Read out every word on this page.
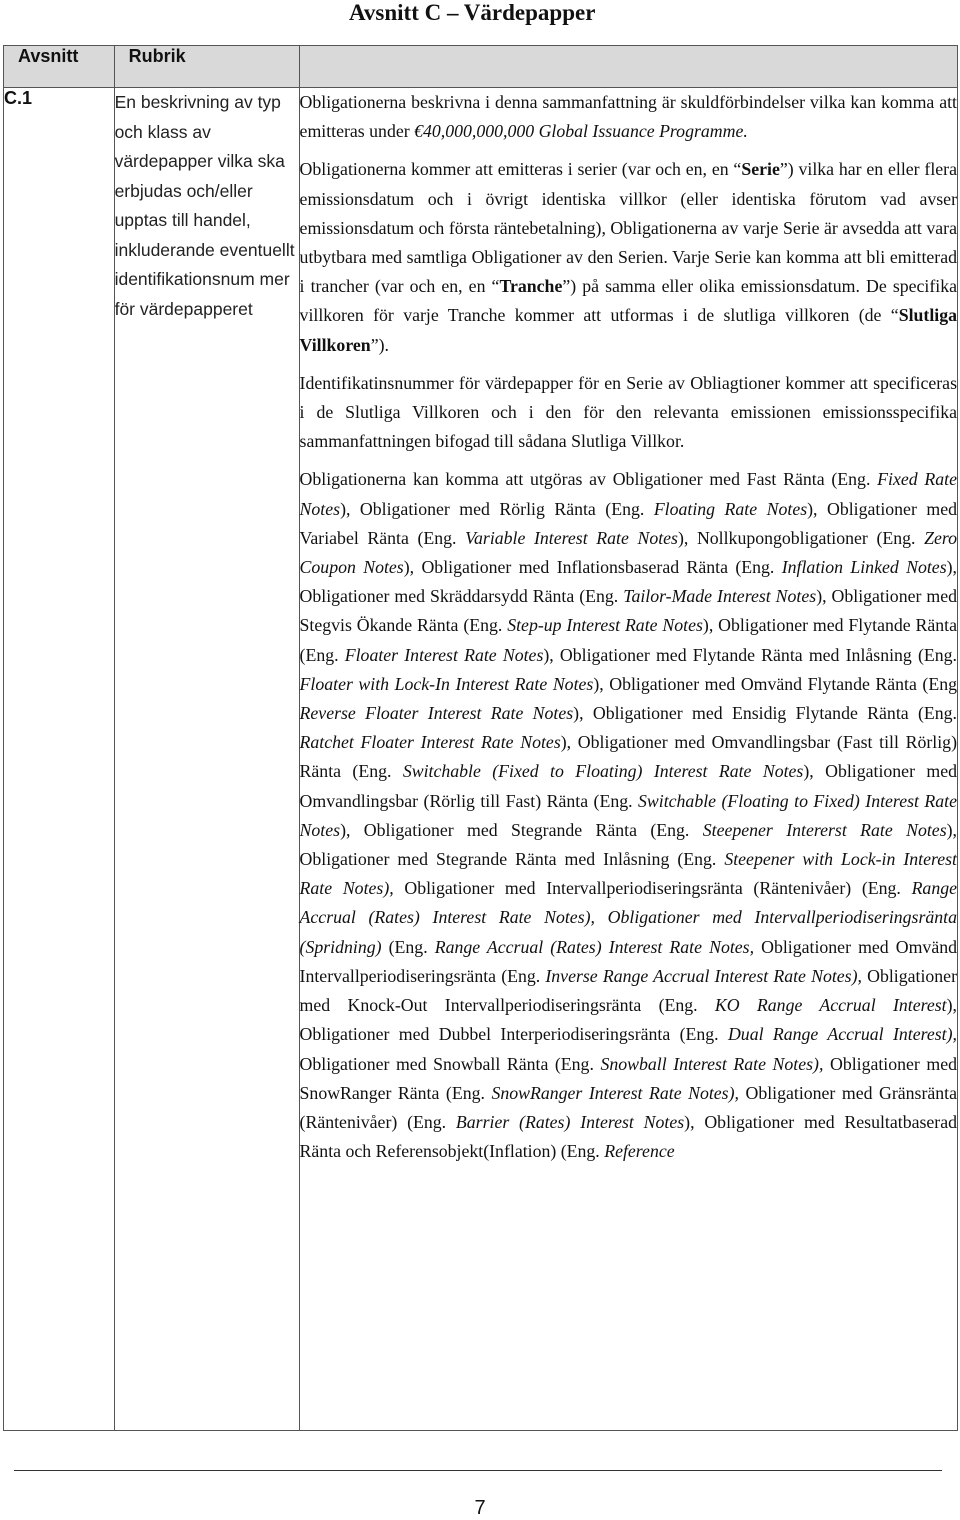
Avsnitt C – Värdepapper
Avsnitt	Rubrik	
C.1	En beskrivning av typ och klass av värdepapper vilka ska erbjudas och/eller upptas till handel, inkluderande eventuellt identifikationsnum mer för värdepapperet	Obligationerna beskrivna i denna sammanfattning är skuldförbindelser vilka kan komma att emitteras under €40,000,000,000 Global Issuance Programme.

Obligationerna kommer att emitteras i serier (var och en, en “Serie”) vilka har en eller flera emissionsdatum och i övrigt identiska villkor (eller identiska förutom vad avser emissionsdatum och första räntebetalning), Obligationerna av varje Serie är avsedda att vara utbytbara med samtliga Obligationer av den Serien. Varje Serie kan komma att bli emitterad i trancher (var och en, en “Tranche”) på samma eller olika emissionsdatum. De specifika villkoren för varje Tranche kommer att utformas i de slutliga villkoren (de “Slutliga Villkoren”).

Identifikatinsnummer för värdepapper för en Serie av Obliagtioner kommer att specificeras i de Slutliga Villkoren och i den för den relevanta emissionen emissionsspecifika sammanfattningen bifogad till sådana Slutliga Villkor.

Obligationerna kan komma att utgöras av Obligationer med Fast Ränta (Eng. Fixed Rate Notes), Obligationer med Rörlig Ränta (Eng. Floating Rate Notes), Obligationer med Variabel Ränta (Eng. Variable Interest Rate Notes), Nollkupongobligationer (Eng. Zero Coupon Notes), Obligationer med Inflationsbaserad Ränta (Eng. Inflation Linked Notes), Obligationer med Skräddarsydd Ränta (Eng. Tailor-Made Interest Notes), Obligationer med Stegvis Ökande Ränta (Eng. Step-up Interest Rate Notes), Obligationer med Flytande Ränta (Eng. Floater Interest Rate Notes), Obligationer med Flytande Ränta med Inlåsning (Eng. Floater with Lock-In Interest Rate Notes), Obligationer med Omvänd Flytande Ränta (Eng Reverse Floater Interest Rate Notes), Obligationer med Ensidig Flytande Ränta (Eng. Ratchet Floater Interest Rate Notes), Obligationer med Omvandlingsbar (Fast till Rörlig) Ränta (Eng. Switchable (Fixed to Floating) Interest Rate Notes), Obligationer med Omvandlingsbar (Rörlig till Fast) Ränta (Eng. Switchable (Floating to Fixed) Interest Rate Notes), Obligationer med Stegrande Ränta (Eng. Steepener Intererst Rate Notes), Obligationer med Stegrande Ränta med Inlåsning (Eng. Steepener with Lock-in Interest Rate Notes), Obligationer med Intervallperiodiseringsränta (Räntenivåer) (Eng. Range Accrual (Rates) Interest Rate Notes), Obligationer med Intervallperiodiseringsränta (Spridning) (Eng. Range Accrual (Rates) Interest Rate Notes, Obligationer med Omvänd Intervallperiodiseringsränta (Eng. Inverse Range Accrual Interest Rate Notes), Obligationer med Knock-Out Intervallperiodiseringsränta (Eng. KO Range Accrual Interest), Obligationer med Dubbel Interperiodiseringsränta (Eng. Dual Range Accrual Interest), Obligationer med Snowball Ränta (Eng. Snowball Interest Rate Notes), Obligationer med SnowRanger Ränta (Eng. SnowRanger Interest Rate Notes), Obligationer med Gränsränta (Räntenivåer) (Eng. Barrier (Rates) Interest Notes), Obligationer med Resultatbaserad Ränta och Referensobjekt(Inflation) (Eng. Reference

7
